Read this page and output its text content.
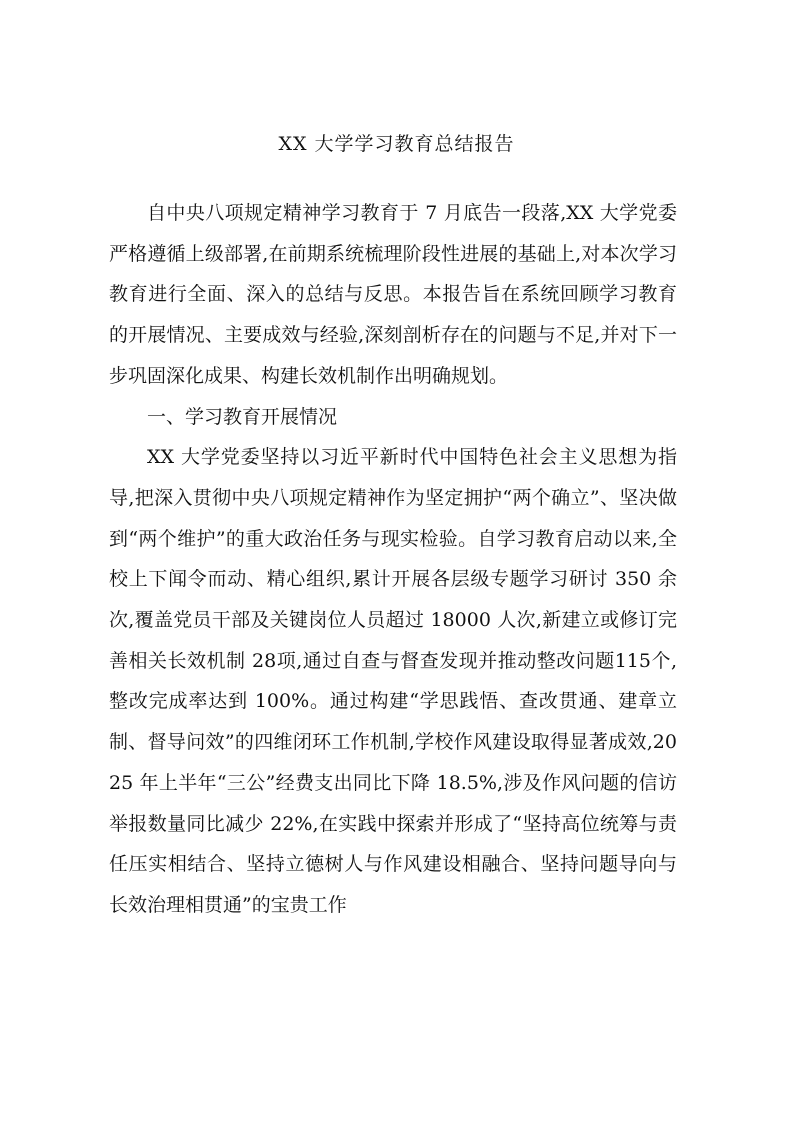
XX 大学学习教育总结报告

自中央八项规定精神学习教育于 7 月底告一段落,XX 大学党委严格遵循上级部署,在前期系统梳理阶段性进展的基础上,对本次学习教育进行全面、深入的总结与反思。本报告旨在系统回顾学习教育的开展情况、主要成效与经验,深刻剖析存在的问题与不足,并对下一步巩固深化成果、构建长效机制作出明确规划。

一、学习教育开展情况

XX 大学党委坚持以习近平新时代中国特色社会主义思想为指导,把深入贯彻中央八项规定精神作为坚定拥护“两个确立”、坚决做到“两个维护”的重大政治任务与现实检验。自学习教育启动以来,全校上下闻令而动、精心组织,累计开展各层级专题学习研讨 350 余次,覆盖党员干部及关键岗位人员超过 18000 人次,新建立或修订完善相关长效机制 28项,通过自查与督查发现并推动整改问题115个,整改完成率达到 100%。通过构建“学思践悟、查改贯通、建章立制、督导问效”的四维闭环工作机制,学校作风建设取得显著成效,2025 年上半年“三公”经费支出同比下降 18.5%,涉及作风问题的信访举报数量同比减少 22%,在实践中探索并形成了“坚持高位统筹与责任压实相结合、坚持立德树人与作风建设相融合、坚持问题导向与长效治理相贯通”的宝贵工作
